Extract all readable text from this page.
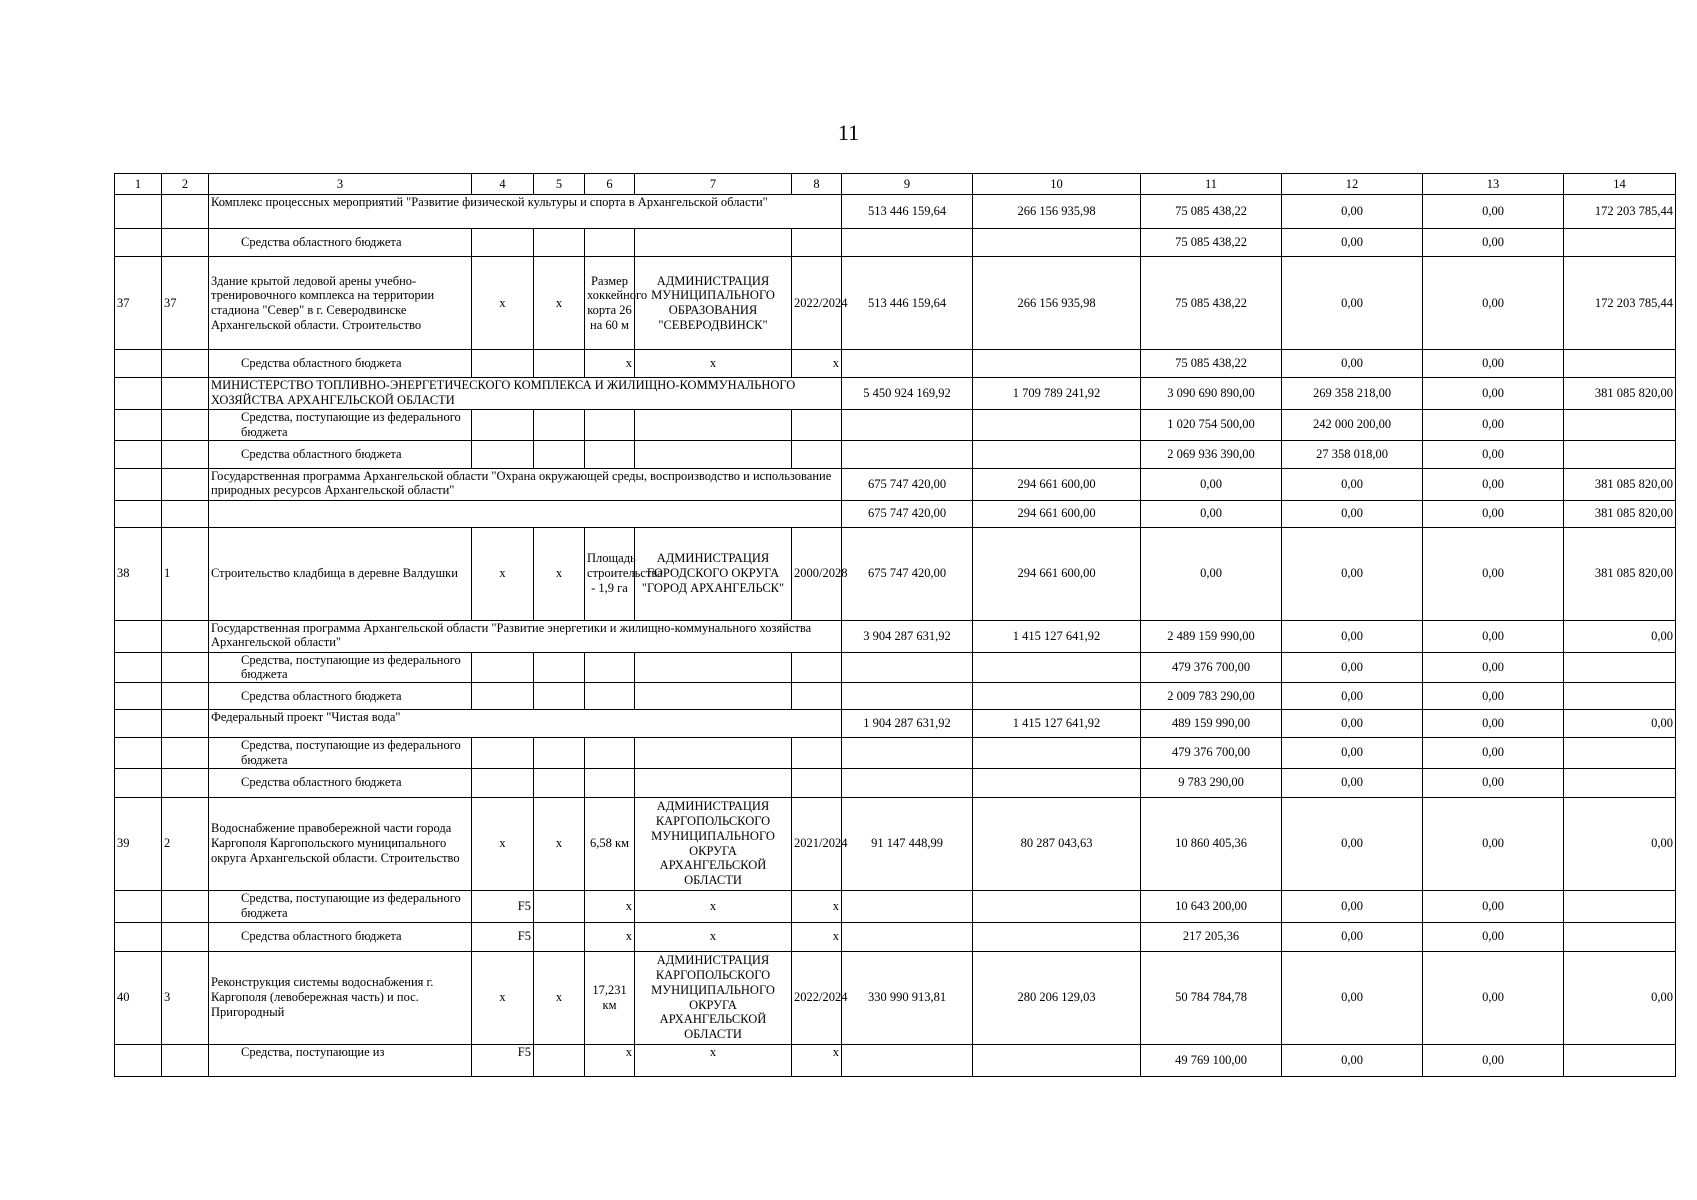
11
1	2	3	4	5	6	7	8	9	10	11	12	13	14
		Комплекс процессных мероприятий "Развитие физической культуры и спорта в Архангельской области"						513 446 159,64	266 156 935,98	75 085 438,22	0,00	0,00	172 203 785,44
		Средства областного бюджета								75 085 438,22	0,00	0,00	
37	37	Здание крытой ледовой арены учебно-тренировочного комплекса на территории стадиона "Север" в г. Северодвинске Архангельской области. Строительство	x	x	Размер хоккейного корта 26 на 60 м	АДМИНИСТРАЦИЯ МУНИЦИПАЛЬНОГО ОБРАЗОВАНИЯ "СЕВЕРОДВИНСК"	2022/2024	513 446 159,64	266 156 935,98	75 085 438,22	0,00	0,00	172 203 785,44
		Средства областного бюджета			x	x	x			75 085 438,22	0,00	0,00	
		МИНИСТЕРСТВО ТОПЛИВНО-ЭНЕРГЕТИЧЕСКОГО КОМПЛЕКСА И ЖИЛИЩНО-КОММУНАЛЬНОГО ХОЗЯЙСТВА АРХАНГЕЛЬСКОЙ ОБЛАСТИ						5 450 924 169,92	1 709 789 241,92	3 090 690 890,00	269 358 218,00	0,00	381 085 820,00
		Средства, поступающие из федерального бюджета								1 020 754 500,00	242 000 200,00	0,00	
		Средства областного бюджета								2 069 936 390,00	27 358 018,00	0,00	
		Государственная программа Архангельской области "Охрана окружающей среды, воспроизводство и использование природных ресурсов Архангельской области"						675 747 420,00	294 661 600,00	0,00	0,00	0,00	381 085 820,00
								675 747 420,00	294 661 600,00	0,00	0,00	0,00	381 085 820,00
38	1	Строительство кладбища в деревне Валдушки	x	x	Площадь строительства - 1,9 га	АДМИНИСТРАЦИЯ ГОРОДСКОГО ОКРУГА "ГОРОД АРХАНГЕЛЬСК"	2000/2028	675 747 420,00	294 661 600,00	0,00	0,00	0,00	381 085 820,00
		Государственная программа Архангельской области "Развитие энергетики и жилищно-коммунального хозяйства Архангельской области"						3 904 287 631,92	1 415 127 641,92	2 489 159 990,00	0,00	0,00	0,00
		Средства, поступающие из федерального бюджета								479 376 700,00	0,00	0,00	
		Средства областного бюджета								2 009 783 290,00	0,00	0,00	
		Федеральный проект "Чистая вода"						1 904 287 631,92	1 415 127 641,92	489 159 990,00	0,00	0,00	0,00
		Средства, поступающие из федерального бюджета								479 376 700,00	0,00	0,00	
		Средства областного бюджета								9 783 290,00	0,00	0,00	
39	2	Водоснабжение правобережной части города Каргополя Каргопольского муниципального округа Архангельской области. Строительство	x	x	6,58 км	АДМИНИСТРАЦИЯ КАРГОПОЛЬСКОГО МУНИЦИПАЛЬНОГО ОКРУГА АРХАНГЕЛЬСКОЙ ОБЛАСТИ	2021/2024	91 147 448,99	80 287 043,63	10 860 405,36	0,00	0,00	0,00
		Средства, поступающие из федерального бюджета	F5		x	x	x			10 643 200,00	0,00	0,00	
		Средства областного бюджета	F5		x	x	x			217 205,36	0,00	0,00	
40	3	Реконструкция системы водоснабжения г. Каргополя (левобережная часть) и пос. Пригородный	x	x	17,231 км	АДМИНИСТРАЦИЯ КАРГОПОЛЬСКОГО МУНИЦИПАЛЬНОГО ОКРУГА АРХАНГЕЛЬСКОЙ ОБЛАСТИ	2022/2024	330 990 913,81	280 206 129,03	50 784 784,78	0,00	0,00	0,00
		Средства, поступающие из	F5		x	x	x			49 769 100,00	0,00	0,00	
